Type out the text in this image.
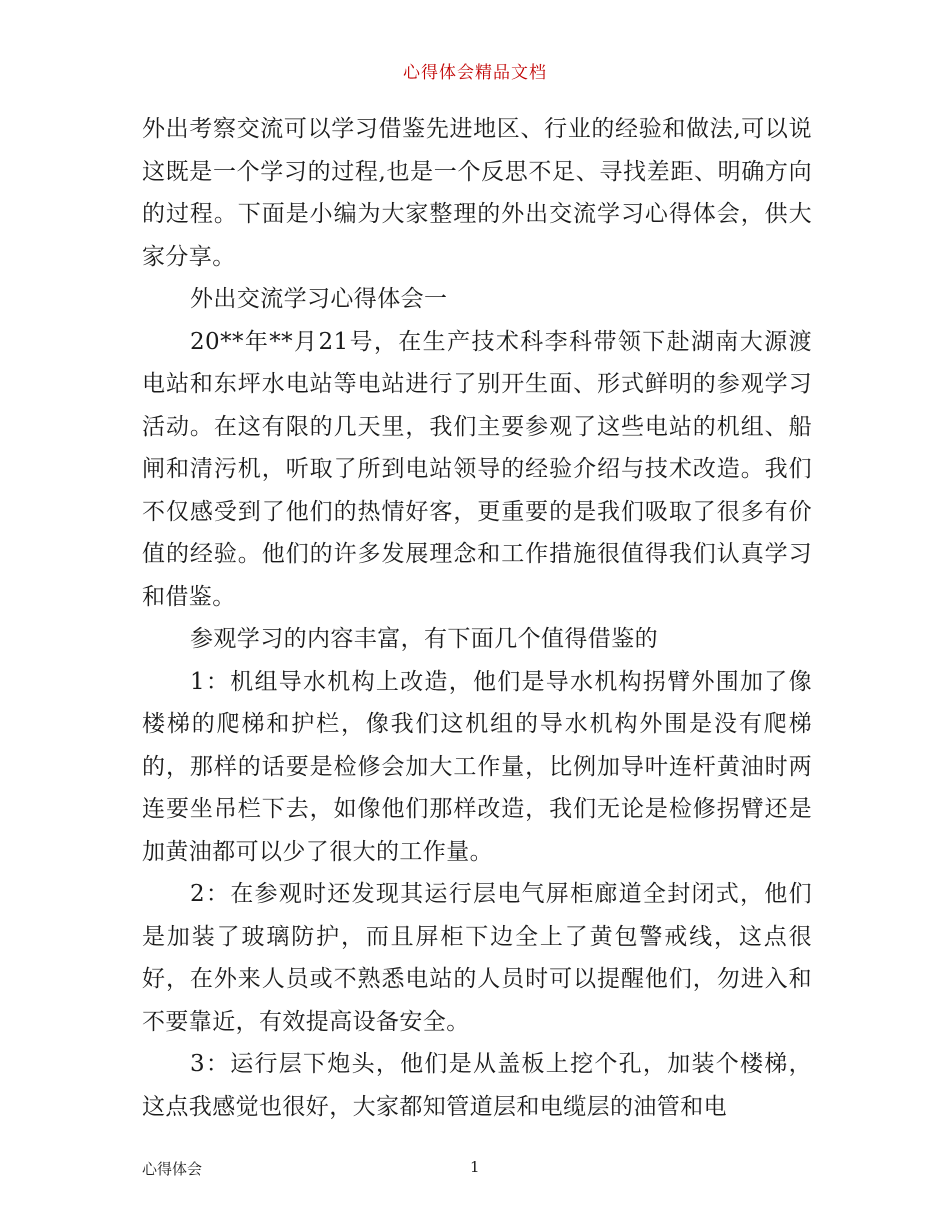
心得体会精品文档

外出考察交流可以学习借鉴先进地区、行业的经验和做法,可以说这既是一个学习的过程,也是一个反思不足、寻找差距、明确方向的过程。下面是小编为大家整理的外出交流学习心得体会，供大家分享。

外出交流学习心得体会一

20**年**月21号，在生产技术科李科带领下赴湖南大源渡电站和东坪水电站等电站进行了别开生面、形式鲜明的参观学习活动。在这有限的几天里，我们主要参观了这些电站的机组、船闸和清污机，听取了所到电站领导的经验介绍与技术改造。我们不仅感受到了他们的热情好客，更重要的是我们吸取了很多有价值的经验。他们的许多发展理念和工作措施很值得我们认真学习和借鉴。

参观学习的内容丰富，有下面几个值得借鉴的

1：机组导水机构上改造，他们是导水机构拐臂外围加了像楼梯的爬梯和护栏，像我们这机组的导水机构外围是没有爬梯的，那样的话要是检修会加大工作量，比例加导叶连杆黄油时两连要坐吊栏下去，如像他们那样改造，我们无论是检修拐臂还是加黄油都可以少了很大的工作量。

2：在参观时还发现其运行层电气屏柜廊道全封闭式，他们是加装了玻璃防护，而且屏柜下边全上了黄包警戒线，这点很好，在外来人员或不熟悉电站的人员时可以提醒他们，勿进入和不要靠近，有效提高设备安全。

3：运行层下炮头，他们是从盖板上挖个孔，加装个楼梯，这点我感觉也很好，大家都知管道层和电缆层的油管和电

心得体会	1
